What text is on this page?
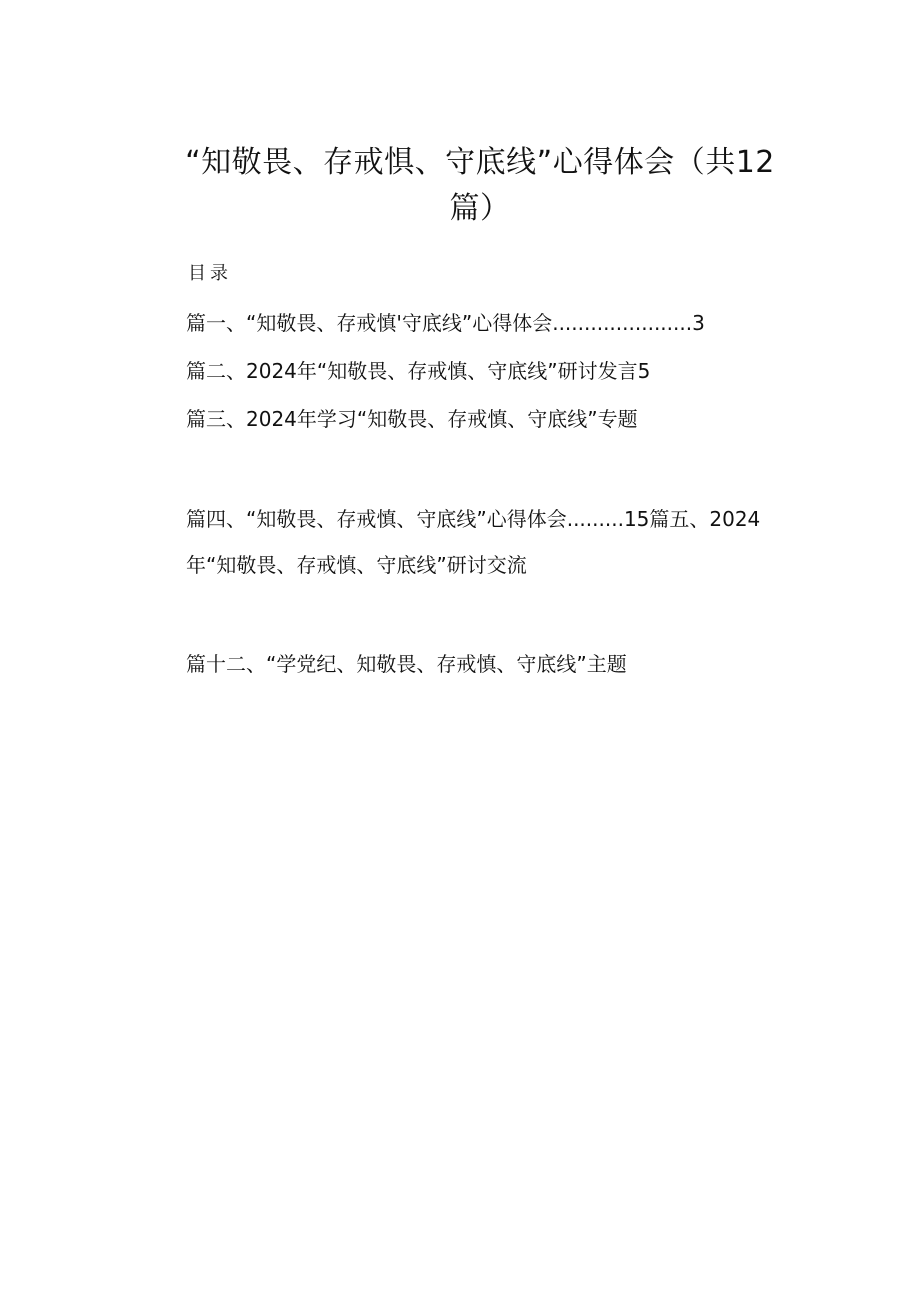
“知敬畏、存戒惧、守底线”心得体会（共12
篇）
目录
篇一、“知敬畏、存戒慎'守底线”心得体会......................3
篇二、2024年“知敬畏、存戒慎、守底线”研讨发言5
篇三、2024年学习“知敬畏、存戒慎、守底线”专题
篇四、“知敬畏、存戒慎、守底线”心得体会.........15篇五、2024年“知敬畏、存戒慎、守底线”研讨交流
篇十二、“学党纪、知敬畏、存戒慎、守底线”主题
